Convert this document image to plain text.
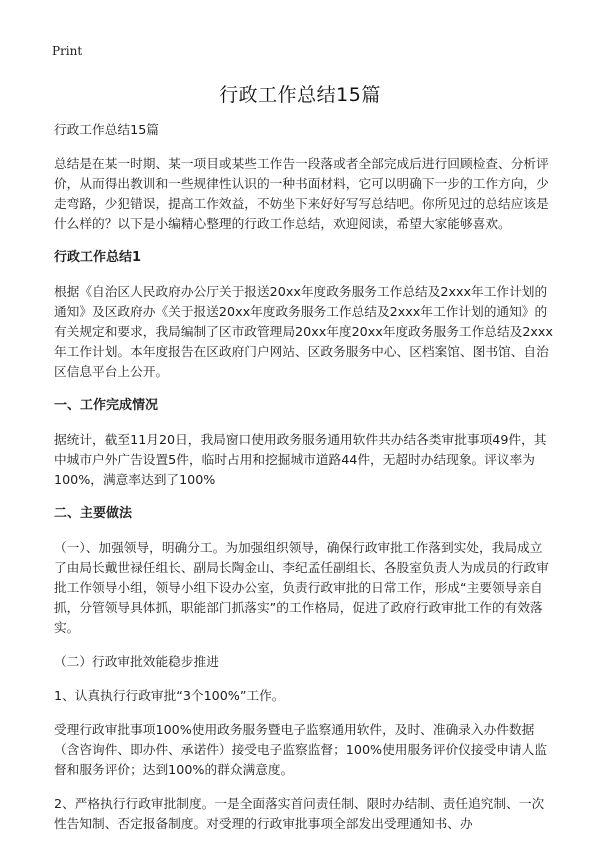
Print
行政工作总结15篇

行政工作总结15篇

总结是在某一时期、某一项目或某些工作告一段落或者全部完成后进行回顾检查、分析评价，从而得出教训和一些规律性认识的一种书面材料，它可以明确下一步的工作方向，少走弯路，少犯错误，提高工作效益，不妨坐下来好好写写总结吧。你所见过的总结应该是什么样的？以下是小编精心整理的行政工作总结，欢迎阅读，希望大家能够喜欢。

行政工作总结1

根据《自治区人民政府办公厅关于报送20xx年度政务服务工作总结及2xxx年工作计划的通知》及区政府办《关于报送20xx年度政务服务工作总结及2xxx年工作计划的通知》的有关规定和要求，我局编制了区市政管理局20xx年度20xx年度政务服务工作总结及2xxx年工作计划。本年度报告在区政府门户网站、区政务服务中心、区档案馆、图书馆、自治区信息平台上公开。

一、工作完成情况

据统计，截至11月20日，我局窗口使用政务服务通用软件共办结各类审批事项49件，其中城市户外广告设置5件，临时占用和挖掘城市道路44件，无超时办结现象。评议率为100%，满意率达到了100%

二、主要做法

（一）、加强领导，明确分工。为加强组织领导，确保行政审批工作落到实处，我局成立了由局长戴世禄任组长、副局长陶金山、李纪孟任副组长、各股室负责人为成员的行政审批工作领导小组，领导小组下设办公室，负责行政审批的日常工作，形成“主要领导亲自抓，分管领导具体抓，职能部门抓落实”的工作格局，促进了政府行政审批工作的有效落实。

（二）行政审批效能稳步推进

1、认真执行行政审批“3个100%”工作。

受理行政审批事项100%使用政务服务暨电子监察通用软件，及时、准确录入办件数据（含咨询件、即办件、承诺件）接受电子监察监督；100%使用服务评价仪接受申请人监督和服务评价；达到100%的群众满意度。

2、严格执行行政审批制度。一是全面落实首问责任制、限时办结制、责任追究制、一次性告知制、否定报备制度。对受理的行政审批事项全部发出受理通知书、办
